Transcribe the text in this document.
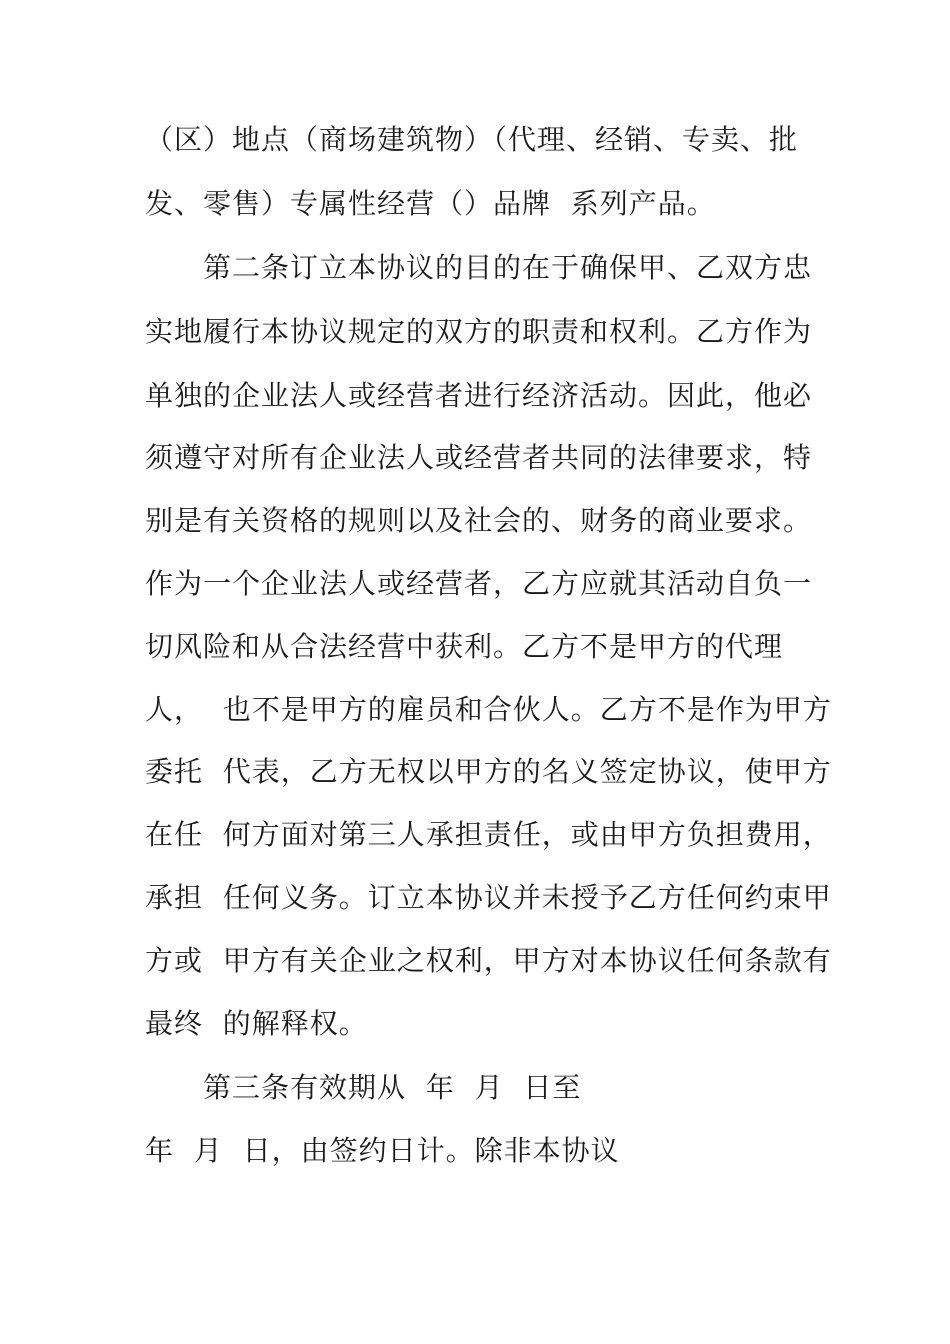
（区）地点（商场建筑物）（代理、经销、专卖、批

发、零售）专属性经营（）品牌  系列产品。

第二条订立本协议的目的在于确保甲、乙双方忠

实地履行本协议规定的双方的职责和权利。乙方作为

单独的企业法人或经营者进行经济活动。因此，他必

须遵守对所有企业法人或经营者共同的法律要求，特

别是有关资格的规则以及社会的、财务的商业要求。

作为一个企业法人或经营者，乙方应就其活动自负一

切风险和从合法经营中获利。乙方不是甲方的代理

人，  也不是甲方的雇员和合伙人。乙方不是作为甲方

委托  代表，乙方无权以甲方的名义签定协议，使甲方

在任  何方面对第三人承担责任，或由甲方负担费用，

承担  任何义务。订立本协议并未授予乙方任何约束甲

方或  甲方有关企业之权利，甲方对本协议任何条款有

最终  的解释权。

第三条有效期从  年  月  日至

年  月  日，由签约日计。除非本协议
